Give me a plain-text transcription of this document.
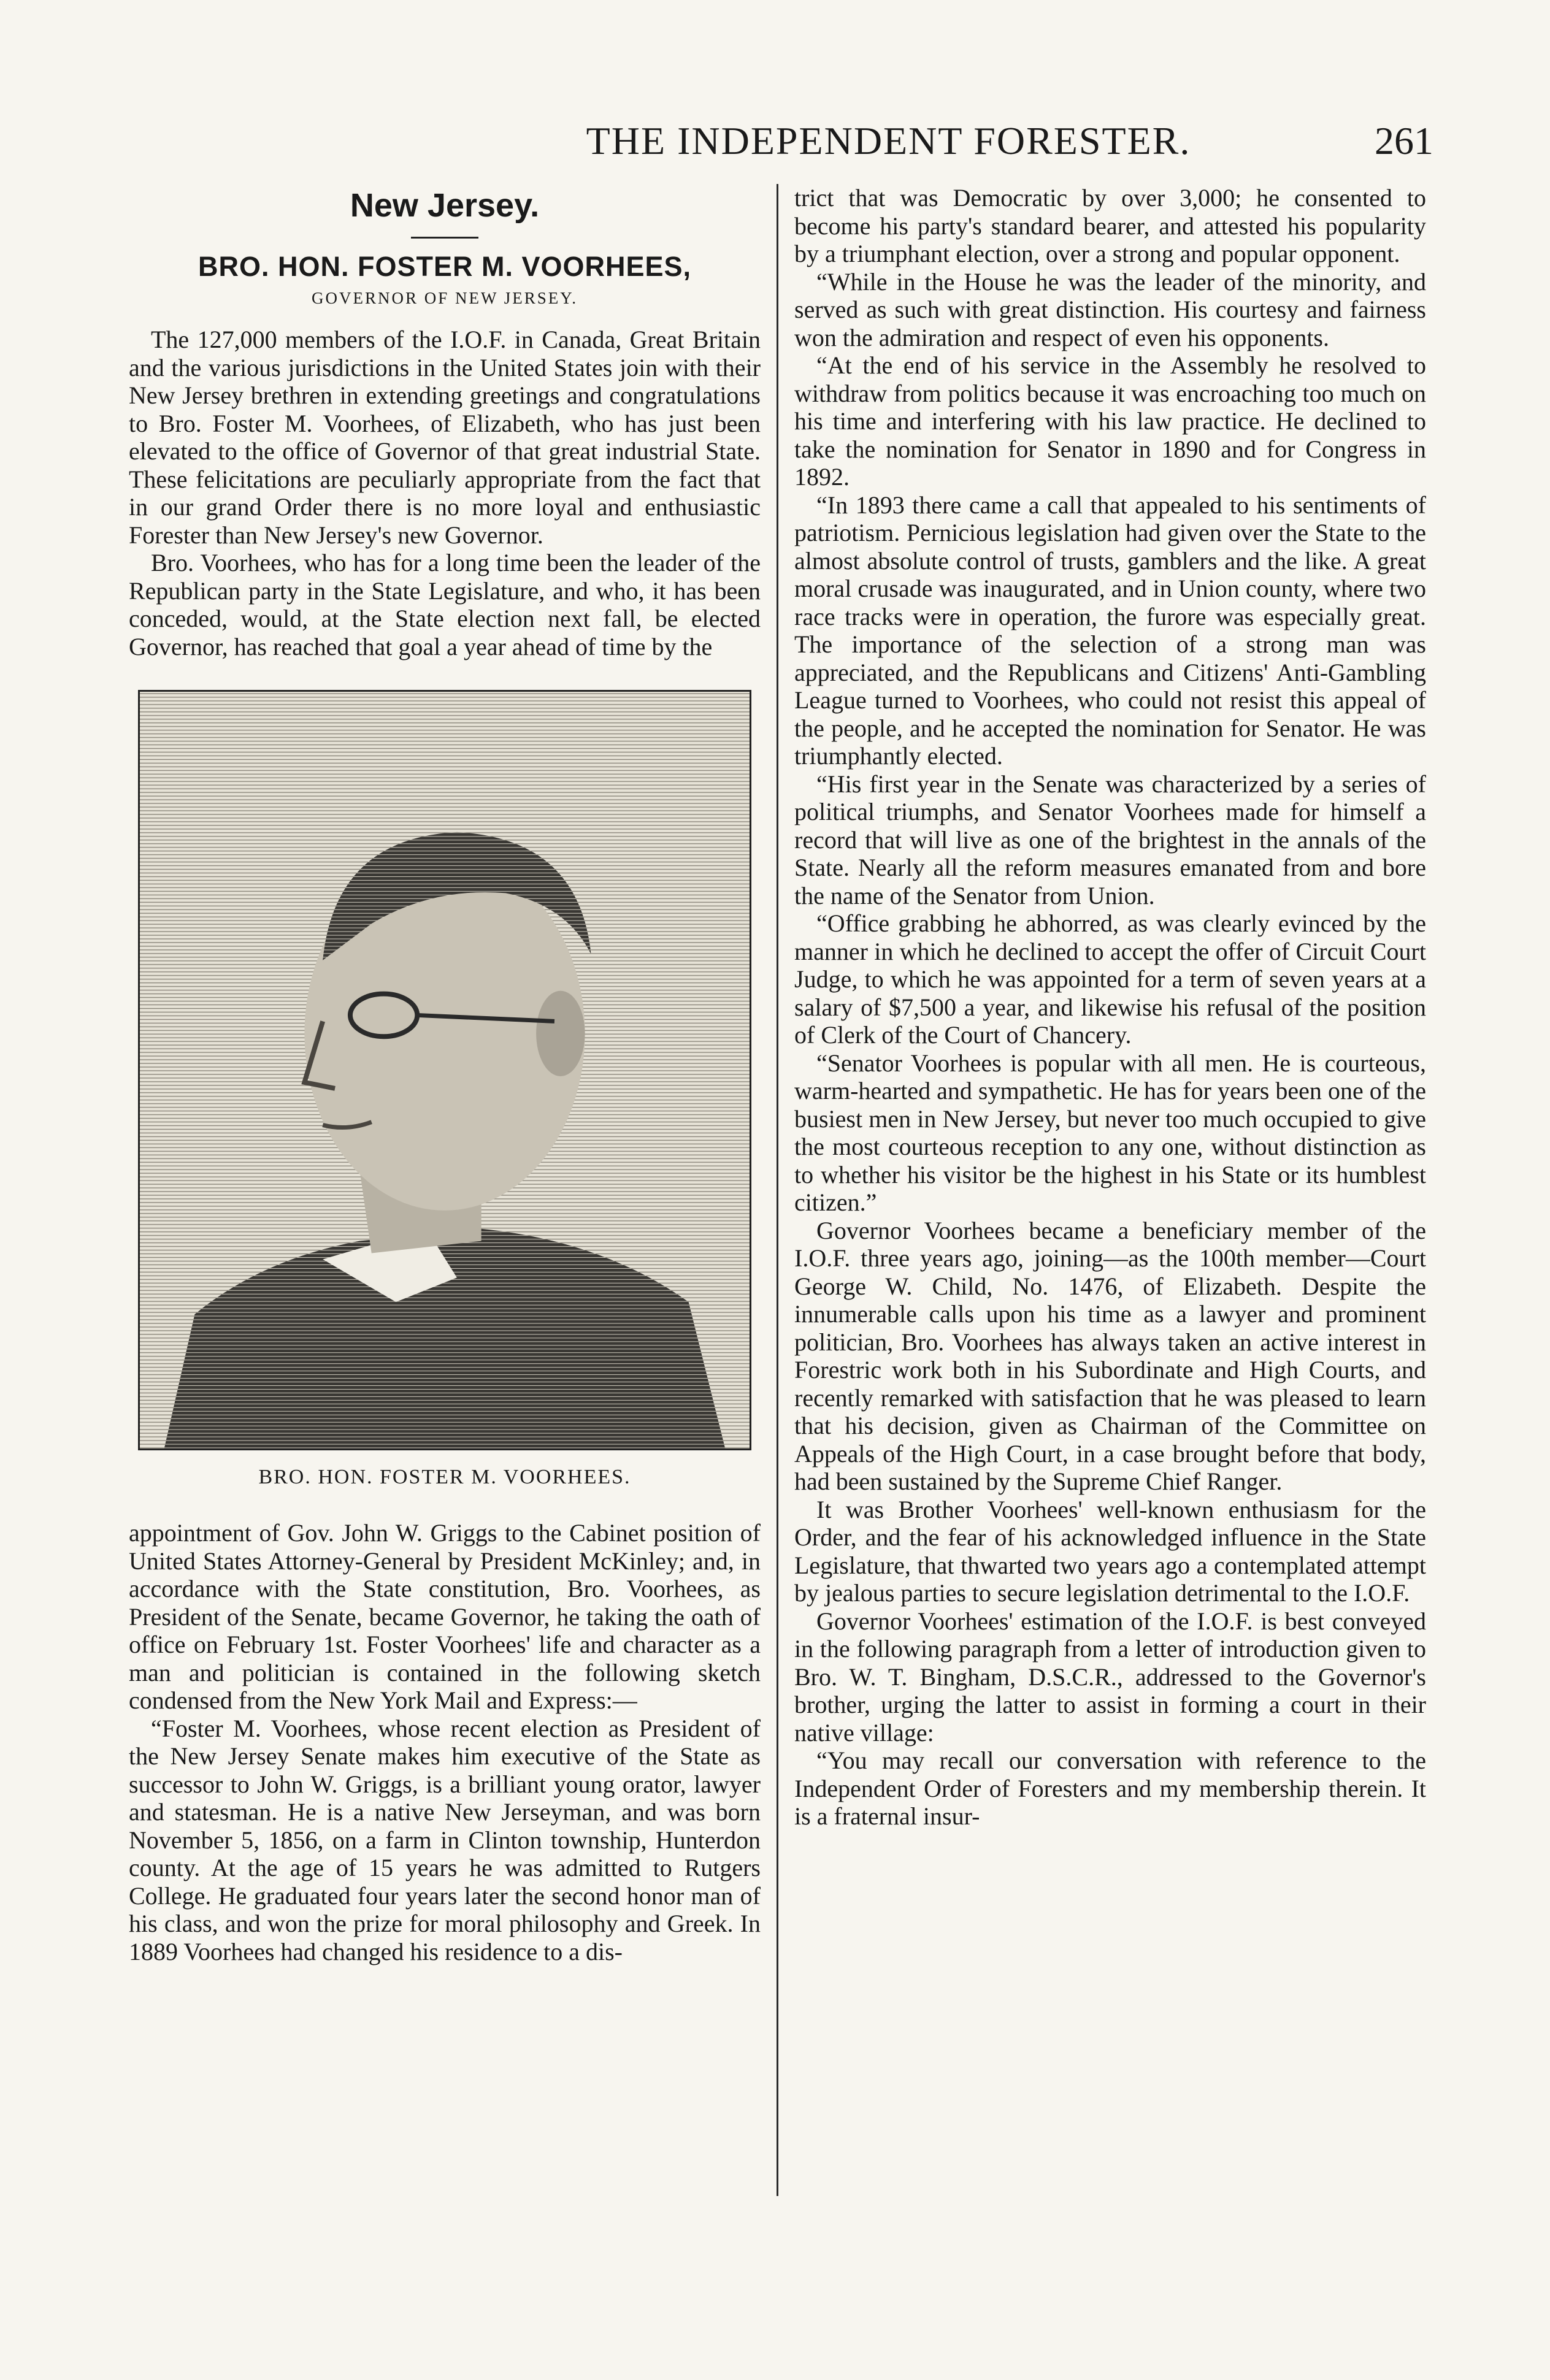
THE INDEPENDENT FORESTER.	261
New Jersey.
BRO. HON. FOSTER M. VOORHEES,
GOVERNOR OF NEW JERSEY.

The 127,000 members of the I.O.F. in Canada, Great Britain and the various jurisdictions in the United States join with their New Jersey brethren in extending greetings and congratulations to Bro. Foster M. Voorhees, of Elizabeth, who has just been elevated to the office of Governor of that great industrial State. These felicitations are peculiarly appropriate from the fact that in our grand Order there is no more loyal and enthusiastic Forester than New Jersey's new Governor.

Bro. Voorhees, who has for a long time been the leader of the Republican party in the State Legislature, and who, it has been conceded, would, at the State election next fall, be elected Governor, has reached that goal a year ahead of time by the

BRO. HON. FOSTER M. VOORHEES.

appointment of Gov. John W. Griggs to the Cabinet position of United States Attorney-General by President McKinley; and, in accordance with the State constitution, Bro. Voorhees, as President of the Senate, became Governor, he taking the oath of office on February 1st. Foster Voorhees' life and character as a man and politician is contained in the following sketch condensed from the New York Mail and Express:—

“Foster M. Voorhees, whose recent election as President of the New Jersey Senate makes him executive of the State as successor to John W. Griggs, is a brilliant young orator, lawyer and statesman. He is a native New Jerseyman, and was born November 5, 1856, on a farm in Clinton township, Hunterdon county. At the age of 15 years he was admitted to Rutgers College. He graduated four years later the second honor man of his class, and won the prize for moral philosophy and Greek. In 1889 Voorhees had changed his residence to a dis-

trict that was Democratic by over 3,000; he consented to become his party's standard bearer, and attested his popularity by a triumphant election, over a strong and popular opponent.

“While in the House he was the leader of the minority, and served as such with great distinction. His courtesy and fairness won the admiration and respect of even his opponents.

“At the end of his service in the Assembly he resolved to withdraw from politics because it was encroaching too much on his time and interfering with his law practice. He declined to take the nomination for Senator in 1890 and for Congress in 1892.

“In 1893 there came a call that appealed to his sentiments of patriotism. Pernicious legislation had given over the State to the almost absolute control of trusts, gamblers and the like. A great moral crusade was inaugurated, and in Union county, where two race tracks were in operation, the furore was especially great. The importance of the selection of a strong man was appreciated, and the Republicans and Citizens' Anti-Gambling League turned to Voorhees, who could not resist this appeal of the people, and he accepted the nomination for Senator. He was triumphantly elected.

“His first year in the Senate was characterized by a series of political triumphs, and Senator Voorhees made for himself a record that will live as one of the brightest in the annals of the State. Nearly all the reform measures emanated from and bore the name of the Senator from Union.

“Office grabbing he abhorred, as was clearly evinced by the manner in which he declined to accept the offer of Circuit Court Judge, to which he was appointed for a term of seven years at a salary of $7,500 a year, and likewise his refusal of the position of Clerk of the Court of Chancery.

“Senator Voorhees is popular with all men. He is courteous, warm-hearted and sympathetic. He has for years been one of the busiest men in New Jersey, but never too much occupied to give the most courteous reception to any one, without distinction as to whether his visitor be the highest in his State or its humblest citizen.”

Governor Voorhees became a beneficiary member of the I.O.F. three years ago, joining—as the 100th member—Court George W. Child, No. 1476, of Elizabeth. Despite the innumerable calls upon his time as a lawyer and prominent politician, Bro. Voorhees has always taken an active interest in Forestric work both in his Subordinate and High Courts, and recently remarked with satisfaction that he was pleased to learn that his decision, given as Chairman of the Committee on Appeals of the High Court, in a case brought before that body, had been sustained by the Supreme Chief Ranger.

It was Brother Voorhees' well-known enthusiasm for the Order, and the fear of his acknowledged influence in the State Legislature, that thwarted two years ago a contemplated attempt by jealous parties to secure legislation detrimental to the I.O.F.

Governor Voorhees' estimation of the I.O.F. is best conveyed in the following paragraph from a letter of introduction given to Bro. W. T. Bingham, D.S.C.R., addressed to the Governor's brother, urging the latter to assist in forming a court in their native village:

“You may recall our conversation with reference to the Independent Order of Foresters and my membership therein. It is a fraternal insur-
